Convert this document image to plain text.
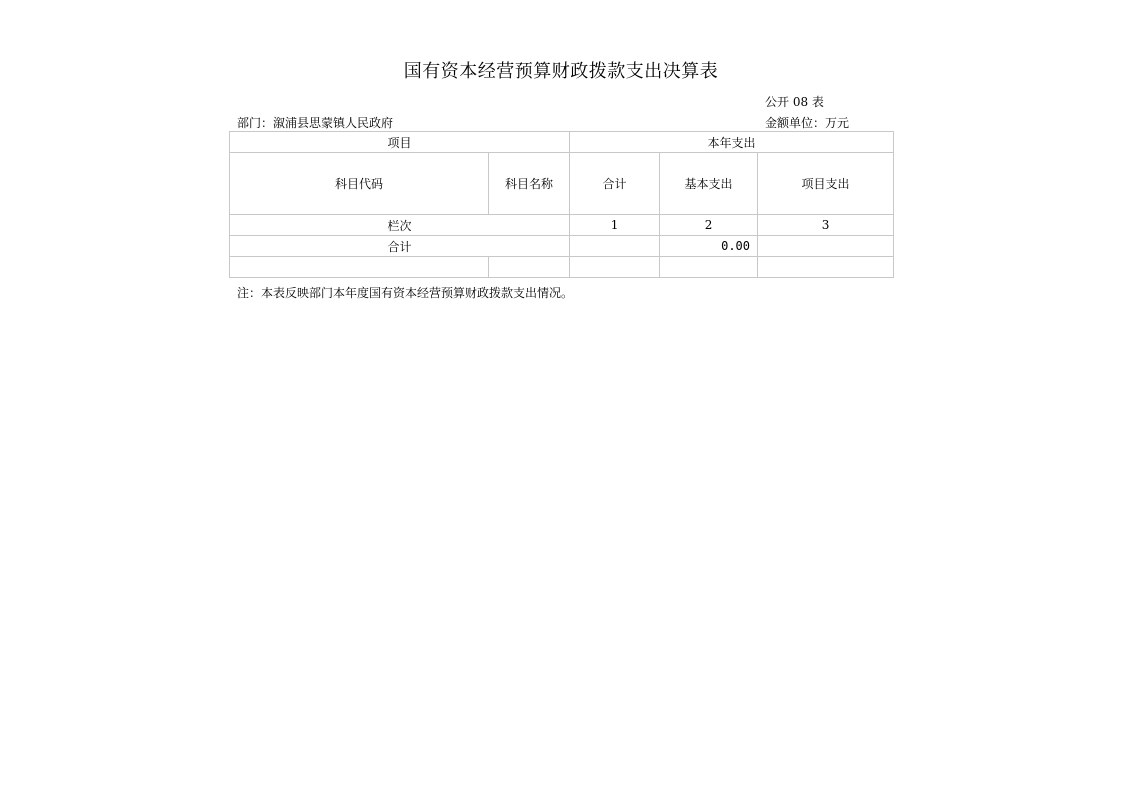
国有资本经营预算财政拨款支出决算表
公开 08 表
部门：溆浦县思蒙镇人民政府	金额单位：万元
项目		本年支出		
科目代码	科目名称	合计	基本支出	项目支出
栏次		1	2	3
合计			0.00	

注：本表反映部门本年度国有资本经营预算财政拨款支出情况。
